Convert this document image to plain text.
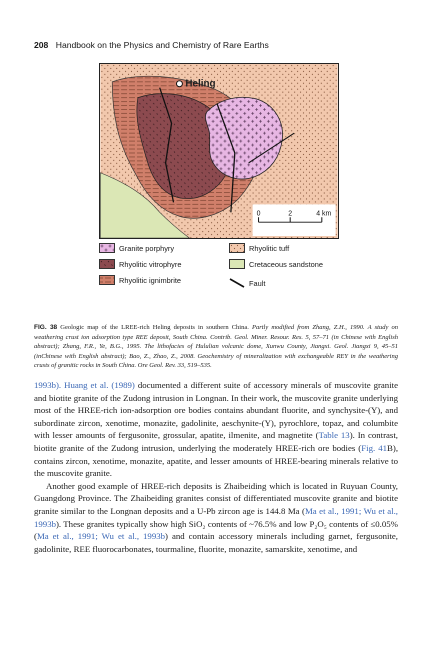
208 Handbook on the Physics and Chemistry of Rare Earths
Heling
0	2	4 km
Granite porphyry	Rhyolitic tuff
Rhyolitic vitrophyre	Cretaceous sandstone
Rhyolitic ignimbrite	Fault
FIG. 38 Geologic map of the LREE-rich Heling deposits in southern China. Partly modified from Zhang, Z.H., 1990. A study on weathering crust ion adsorption type REE deposit, South China. Contrib. Geol. Miner. Resour. Res. 5, 57–71 (in Chinese with English abstract); Zhang, F.R., Ye, B.G., 1995. The lithofacies of Hululian volcanic dome, Xunwu County, Jiangxi. Geol. Jiangxi 9, 45–51 (inChinese with English abstract); Bao, Z., Zhao, Z., 2008. Geochemistry of mineralization with exchangeable REY in the weathering crusts of granitic rocks in South China. Ore Geol. Rev. 33, 519–535.

1993b). Huang et al. (1989) documented a different suite of accessory minerals of muscovite granite and biotite granite of the Zudong intrusion in Longnan. In their work, the muscovite granite underlying most of the HREE-rich ion-adsorption ore bodies contains abundant fluorite, and synchysite-(Y), and subordinate zircon, xenotime, monazite, gadolinite, aeschynite-(Y), pyrochlore, topaz, and columbite with lesser amounts of fergusonite, grossular, apatite, ilmenite, and magnetite (Table 13). In contrast, biotite granite of the Zudong intrusion, underlying the moderately HREE-rich ore bodies (Fig. 41B), contains zircon, xenotime, monazite, apatite, and lesser amounts of HREE-bearing minerals relative to the muscovite granite.

Another good example of HREE-rich deposits is Zhaibeiding which is located in Ruyuan County, Guangdong Province. The Zhaibeiding granites consist of differentiated muscovite granite and biotite granite similar to the Longnan deposits and a U-Pb zircon age is 144.8 Ma (Ma et al., 1991; Wu et al., 1993b). These granites typically show high SiO₂ contents of ~76.5% and low P₂O₅ contents of ≤0.05% (Ma et al., 1991; Wu et al., 1993b) and contain accessory minerals including garnet, fergusonite, gadolinite, REE fluorocarbonates, tourmaline, fluorite, monazite, samarskite, xenotime, and
